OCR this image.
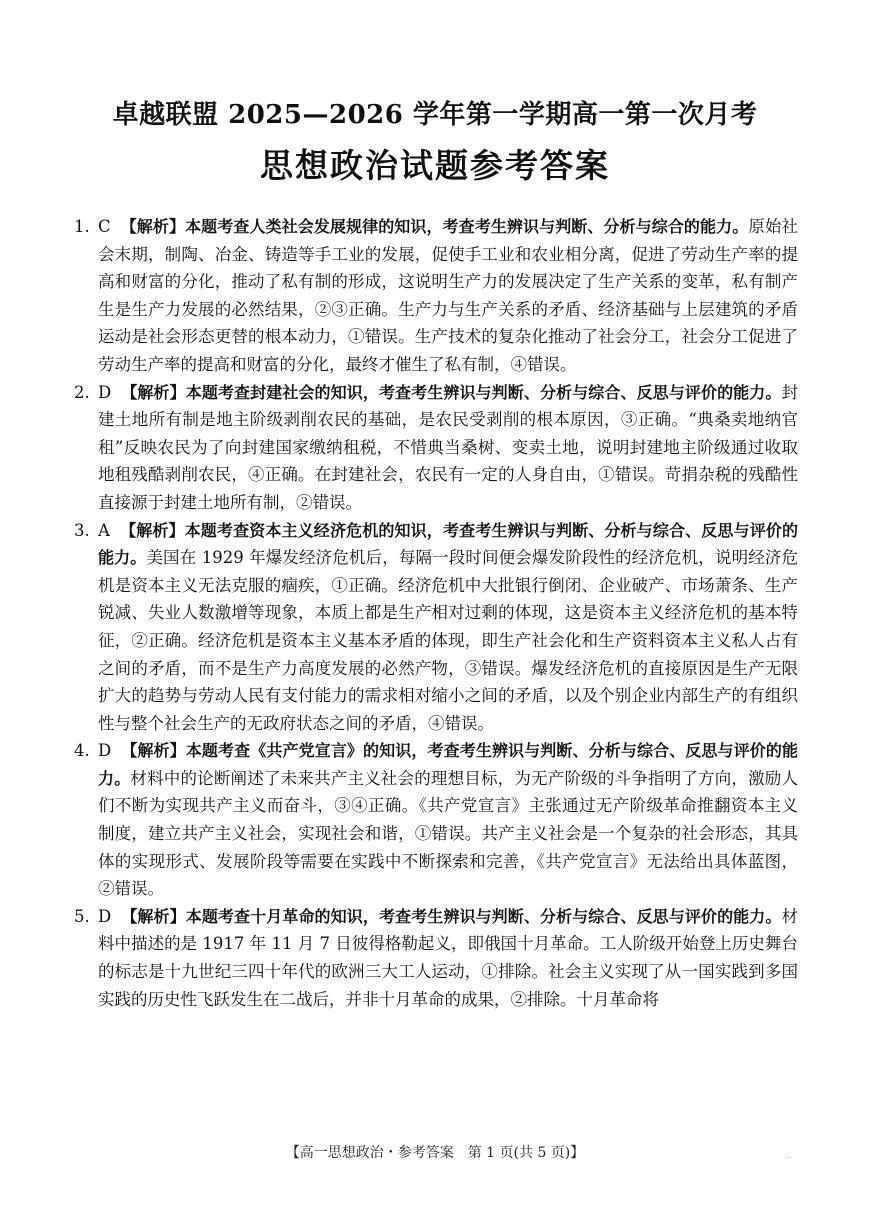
卓越联盟 2025—2026 学年第一学期高一第一次月考
思想政治试题参考答案
1. C 【解析】本题考查人类社会发展规律的知识，考查考生辨识与判断、分析与综合的能力。原始社会末期，制陶、冶金、铸造等手工业的发展，促使手工业和农业相分离，促进了劳动生产率的提高和财富的分化，推动了私有制的形成，这说明生产力的发展决定了生产关系的变革，私有制产生是生产力发展的必然结果，②③正确。生产力与生产关系的矛盾、经济基础与上层建筑的矛盾运动是社会形态更替的根本动力，①错误。生产技术的复杂化推动了社会分工，社会分工促进了劳动生产率的提高和财富的分化，最终才催生了私有制，④错误。
2. D 【解析】本题考查封建社会的知识，考查考生辨识与判断、分析与综合、反思与评价的能力。封建土地所有制是地主阶级剥削农民的基础，是农民受剥削的根本原因，③正确。“典桑卖地纳官租”反映农民为了向封建国家缴纳租税，不惜典当桑树、变卖土地，说明封建地主阶级通过收取地租残酷剥削农民，④正确。在封建社会，农民有一定的人身自由，①错误。苛捐杂税的残酷性直接源于封建土地所有制，②错误。
3. A 【解析】本题考查资本主义经济危机的知识，考查考生辨识与判断、分析与综合、反思与评价的能力。美国在 1929 年爆发经济危机后，每隔一段时间便会爆发阶段性的经济危机，说明经济危机是资本主义无法克服的痼疾，①正确。经济危机中大批银行倒闭、企业破产、市场萧条、生产锐减、失业人数激增等现象，本质上都是生产相对过剩的体现，这是资本主义经济危机的基本特征，②正确。经济危机是资本主义基本矛盾的体现，即生产社会化和生产资料资本主义私人占有之间的矛盾，而不是生产力高度发展的必然产物，③错误。爆发经济危机的直接原因是生产无限扩大的趋势与劳动人民有支付能力的需求相对缩小之间的矛盾，以及个别企业内部生产的有组织性与整个社会生产的无政府状态之间的矛盾，④错误。
4. D 【解析】本题考查《共产党宣言》的知识，考查考生辨识与判断、分析与综合、反思与评价的能力。材料中的论断阐述了未来共产主义社会的理想目标，为无产阶级的斗争指明了方向，激励人们不断为实现共产主义而奋斗，③④正确。《共产党宣言》主张通过无产阶级革命推翻资本主义制度，建立共产主义社会，实现社会和谐，①错误。共产主义社会是一个复杂的社会形态，其具体的实现形式、发展阶段等需要在实践中不断探索和完善，《共产党宣言》无法给出具体蓝图，②错误。
5. D 【解析】本题考查十月革命的知识，考查考生辨识与判断、分析与综合、反思与评价的能力。材料中描述的是 1917 年 11 月 7 日彼得格勒起义，即俄国十月革命。工人阶级开始登上历史舞台的标志是十九世纪三四十年代的欧洲三大工人运动，①排除。社会主义实现了从一国实践到多国实践的历史性飞跃发生在二战后，并非十月革命的成果，②排除。十月革命将
【高一思想政治・参考答案　第 1 页(共 5 页)】	..
